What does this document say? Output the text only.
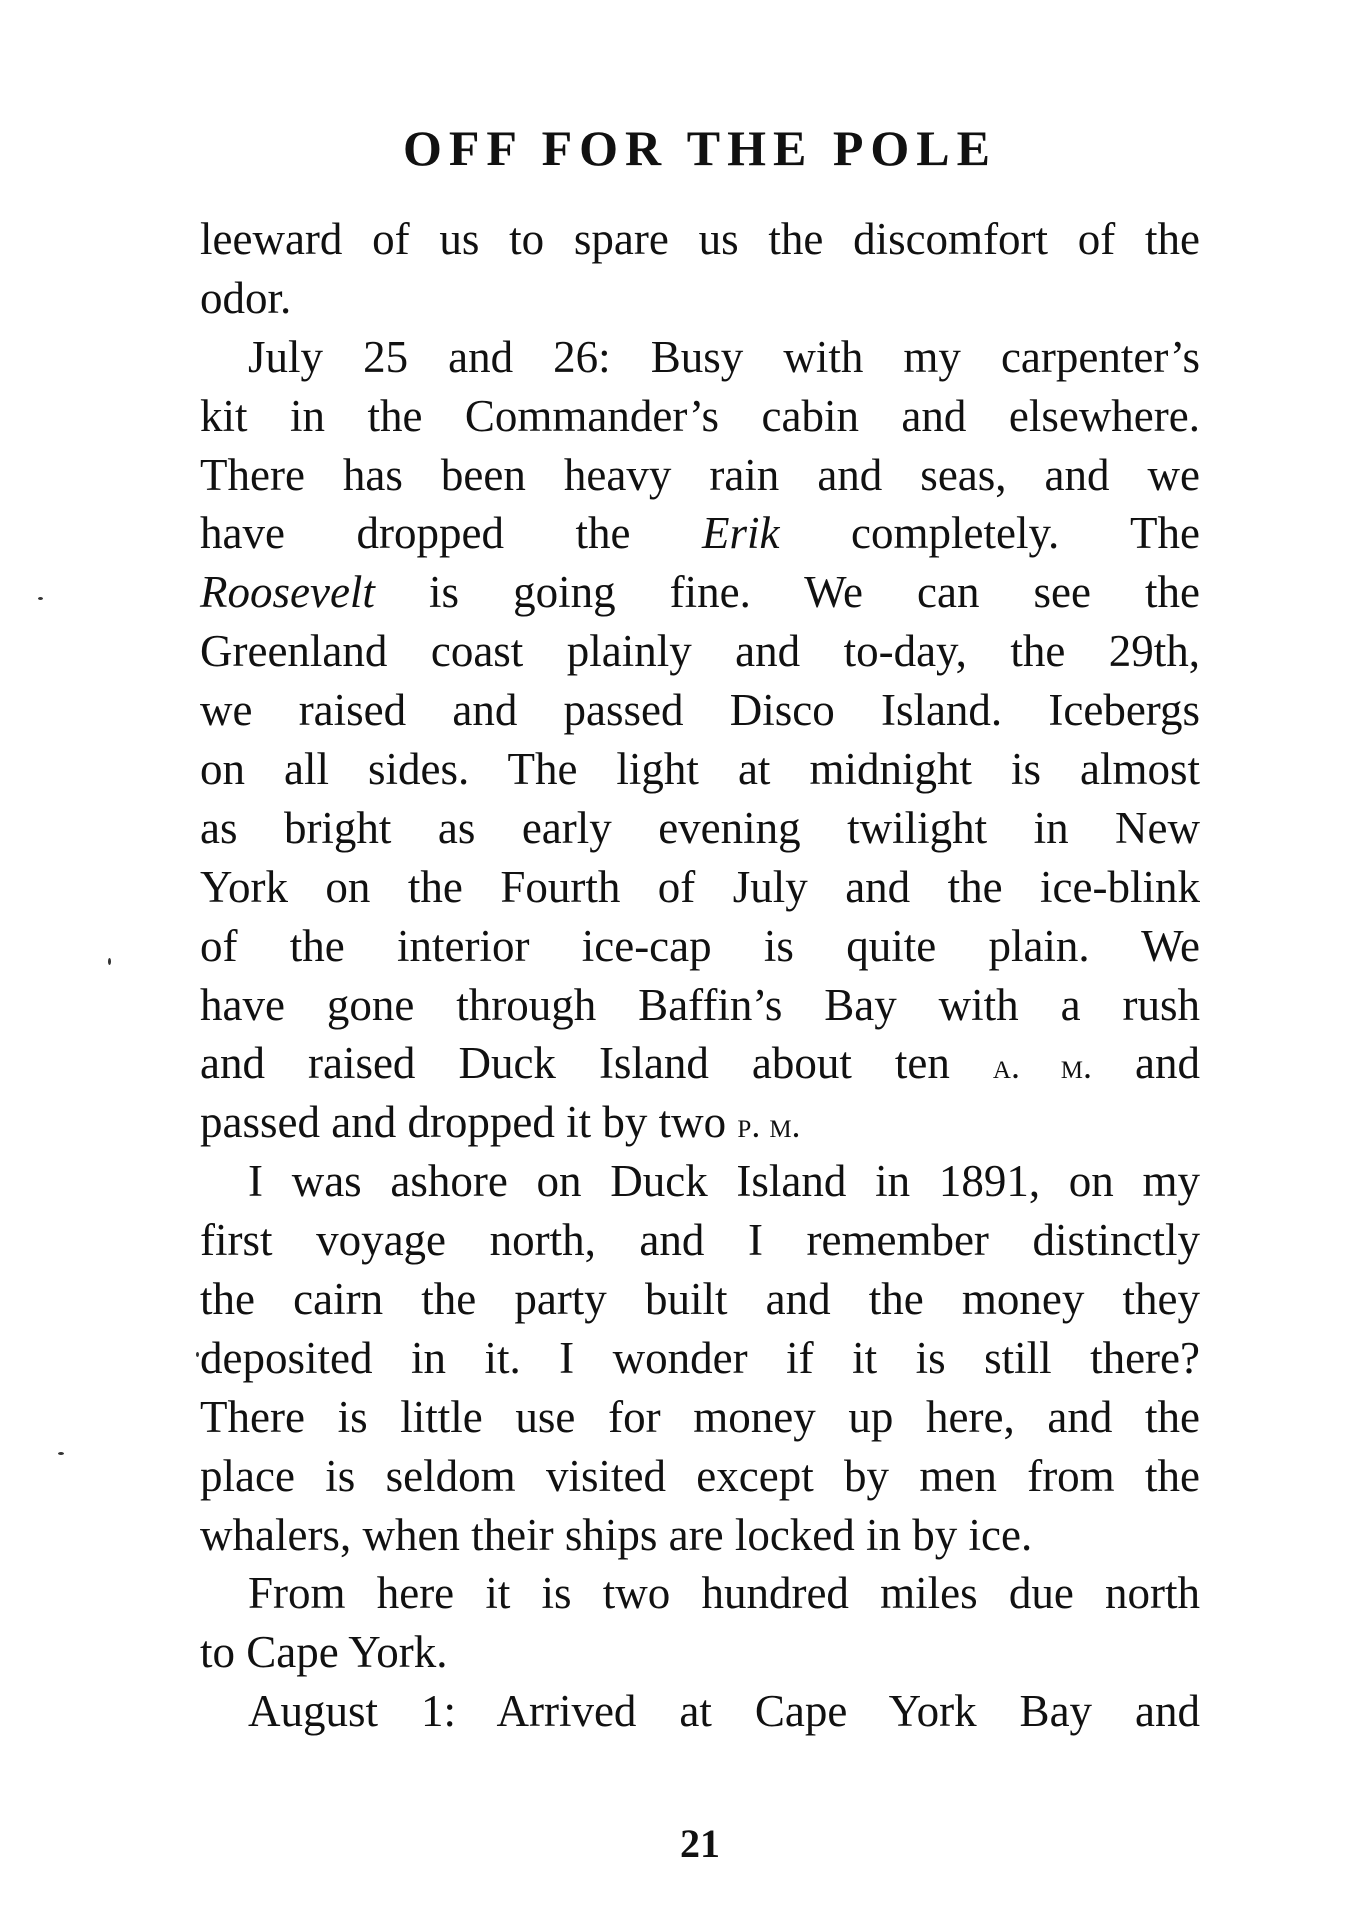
OFF FOR THE POLE
leeward of us to spare us the discomfort of the
odor.
July 25 and 26: Busy with my carpenter’s
kit in the Commander’s cabin and elsewhere.
There has been heavy rain and seas, and we
have dropped the Erik completely. The
Roosevelt is going fine. We can see the
Greenland coast plainly and to-day, the 29th,
we raised and passed Disco Island. Icebergs
on all sides. The light at midnight is almost
as bright as early evening twilight in New
York on the Fourth of July and the ice-blink
of the interior ice-cap is quite plain. We
have gone through Baffin’s Bay with a rush
and raised Duck Island about ten a. m. and
passed and dropped it by two p. m.
I was ashore on Duck Island in 1891, on my
first voyage north, and I remember distinctly
the cairn the party built and the money they
deposited in it. I wonder if it is still there?
There is little use for money up here, and the
place is seldom visited except by men from the
whalers, when their ships are locked in by ice.
From here it is two hundred miles due north
to Cape York.
August 1: Arrived at Cape York Bay and
21
